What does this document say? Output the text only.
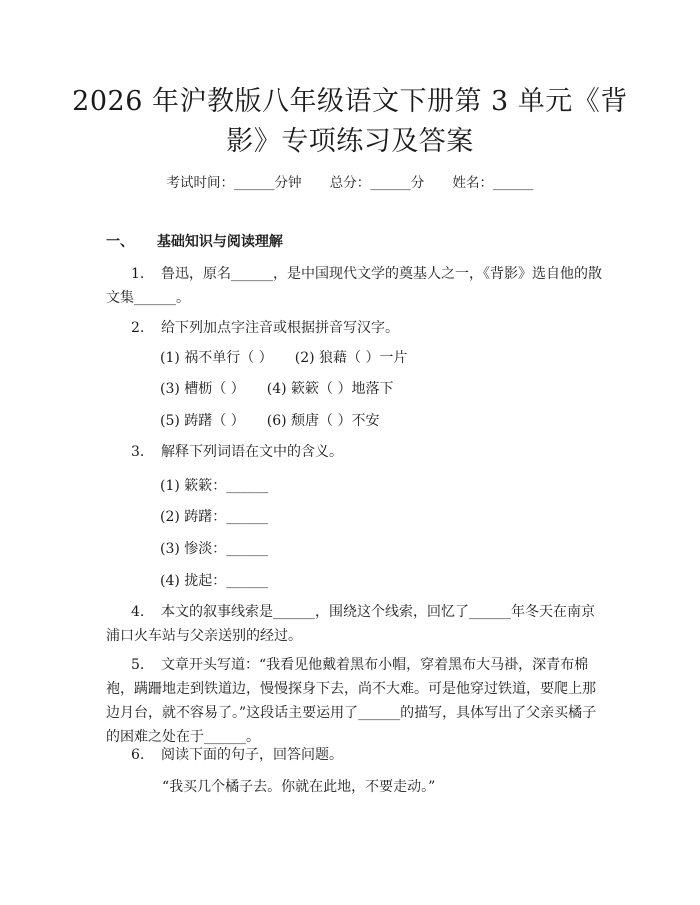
2026 年沪教版八年级语文下册第 3 单元《背
影》专项练习及答案
考试时间：______分钟 总分：______分 姓名：______
一、 基础知识与阅读理解
1. 鲁迅，原名______，是中国现代文学的奠基人之一，《背影》选自他的散文集______。
2. 给下列加点字注音或根据拼音写汉字。
(1) 祸不单行（ ） (2) 狼藉（ ）一片
(3) 槽枥（ ） (4) 簌簌（ ）地落下
(5) 踌躇（ ） (6) 颓唐（ ）不安
3. 解释下列词语在文中的含义。
(1) 簌簌：______
(2) 踌躇：______
(3) 惨淡：______
(4) 拢起：______
4. 本文的叙事线索是______，围绕这个线索，回忆了______年冬天在南京浦口火车站与父亲送别的经过。
5. 文章开头写道：“我看见他戴着黑布小帽，穿着黑布大马褂，深青布棉袍，蹒跚地走到铁道边，慢慢探身下去，尚不大难。可是他穿过铁道，要爬上那边月台，就不容易了。”这段话主要运用了______的描写，具体写出了父亲买橘子的困难之处在于______。
6. 阅读下面的句子，回答问题。
“我买几个橘子去。你就在此地，不要走动。”
